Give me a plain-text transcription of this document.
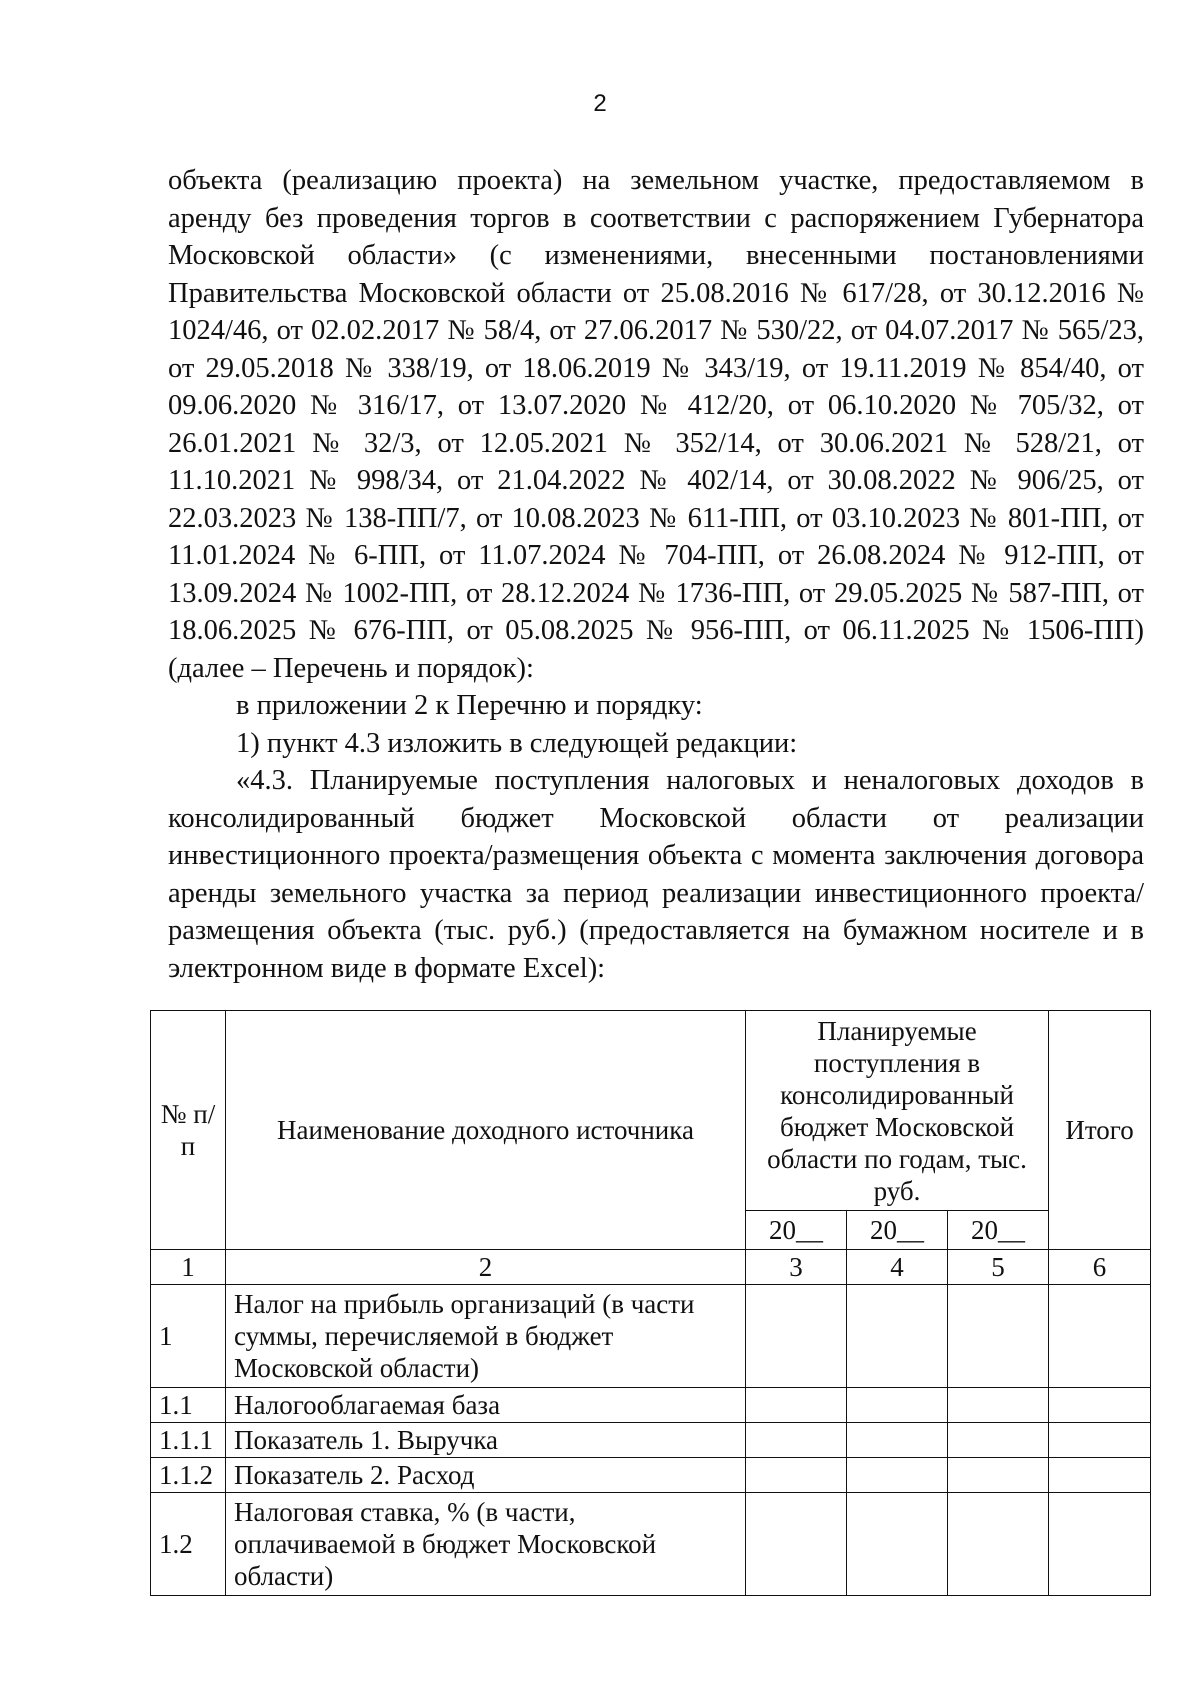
2

объекта (реализацию проекта) на земельном участке, предоставляемом в аренду без проведения торгов в соответствии с распоряжением Губернатора Московской области» (с изменениями, внесенными постановлениями Правительства Московской области от 25.08.2016 № 617/28, от 30.12.2016 № 1024/46, от 02.02.2017 № 58/4, от 27.06.2017 № 530/22, от 04.07.2017 № 565/23, от 29.05.2018 № 338/19, от 18.06.2019 № 343/19, от 19.11.2019 № 854/40, от 09.06.2020 № 316/17, от 13.07.2020 № 412/20, от 06.10.2020 № 705/32, от 26.01.2021 № 32/3, от 12.05.2021 № 352/14, от 30.06.2021 № 528/21, от 11.10.2021 № 998/34, от 21.04.2022 № 402/14, от 30.08.2022 № 906/25, от 22.03.2023 № 138-ПП/7, от 10.08.2023 № 611-ПП, от 03.10.2023 № 801-ПП, от 11.01.2024 № 6-ПП, от 11.07.2024 № 704-ПП, от 26.08.2024 № 912-ПП, от 13.09.2024 № 1002-ПП, от 28.12.2024 № 1736-ПП, от 29.05.2025 № 587-ПП, от 18.06.2025 № 676-ПП, от 05.08.2025 № 956-ПП, от 06.11.2025 № 1506-ПП) (далее – Перечень и порядок):

в приложении 2 к Перечню и порядку:

1) пункт 4.3 изложить в следующей редакции:

«4.3. Планируемые поступления налоговых и неналоговых доходов в консолидированный бюджет Московской области от реализации инвестиционного проекта/размещения объекта с момента заключения договора аренды земельного участка за период реализации инвестиционного проекта/размещения объекта (тыс. руб.) (предоставляется на бумажном носителе и в электронном виде в формате Excel):

№ п/п	Наименование доходного источника	Планируемые поступления в консолидированный бюджет Московской области по годам, тыс. руб.			Итого
		20__	20__	20__	
1	2	3	4	5	6
1	Налог на прибыль организаций (в части суммы, перечисляемой в бюджет Московской области)				
1.1	Налогооблагаемая база				
1.1.1	Показатель 1. Выручка				
1.1.2	Показатель 2. Расход				
1.2	Налоговая ставка, % (в части, оплачиваемой в бюджет Московской области)				
